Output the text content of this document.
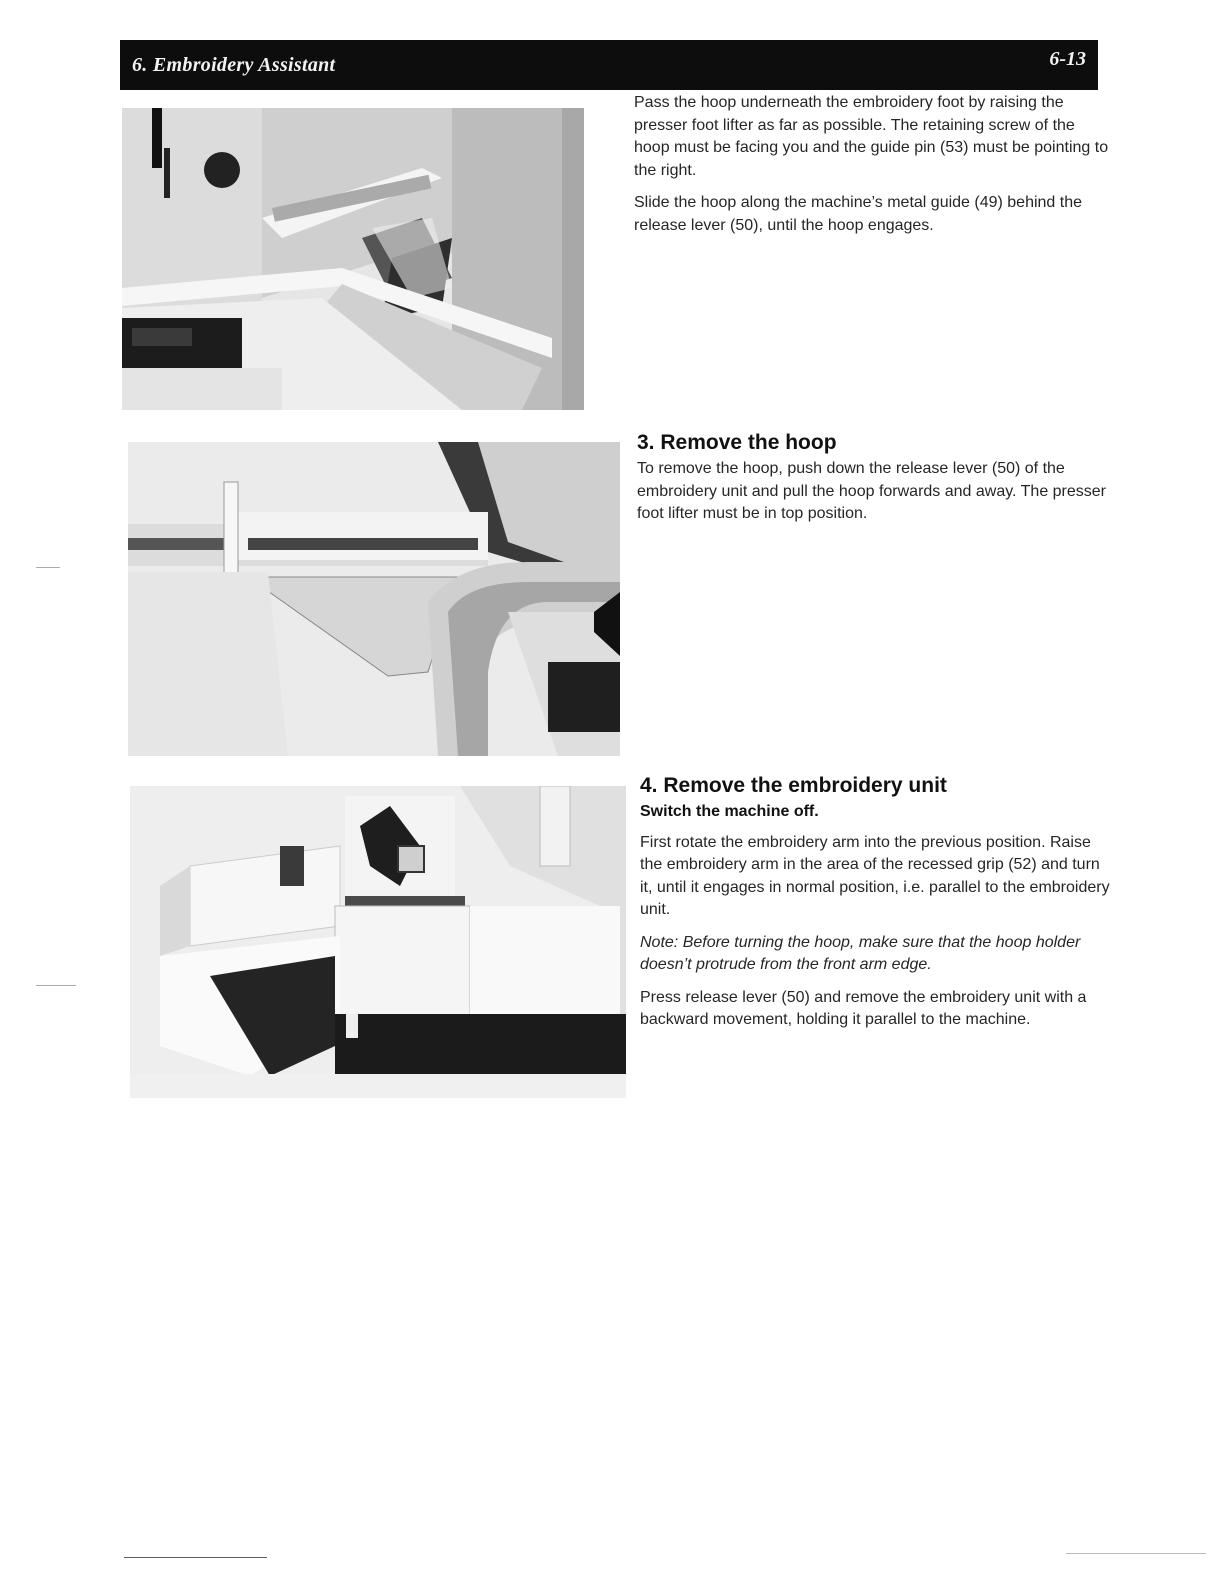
6. Embroidery Assistant	6-13

Pass the hoop underneath the embroidery foot by raising the presser foot lifter as far as possible. The retaining screw of the hoop must be facing you and the guide pin (53) must be pointing to the right.

Slide the hoop along the machine’s metal guide (49) behind the release lever (50), until the hoop engages.

3. Remove the hoop

To remove the hoop, push down the release lever (50) of the embroidery unit and pull the hoop forwards and away. The presser foot lifter must be in top position.

4. Remove the embroidery unit
Switch the machine off.

First rotate the embroidery arm into the previous position. Raise the embroidery arm in the area of the recessed grip (52) and turn it, until it engages in normal position, i.e. parallel to the embroidery unit.

Note: Before turning the hoop, make sure that the hoop holder doesn’t protrude from the front arm edge.

Press release lever (50) and remove the embroidery unit with a backward movement, holding it parallel to the machine.
